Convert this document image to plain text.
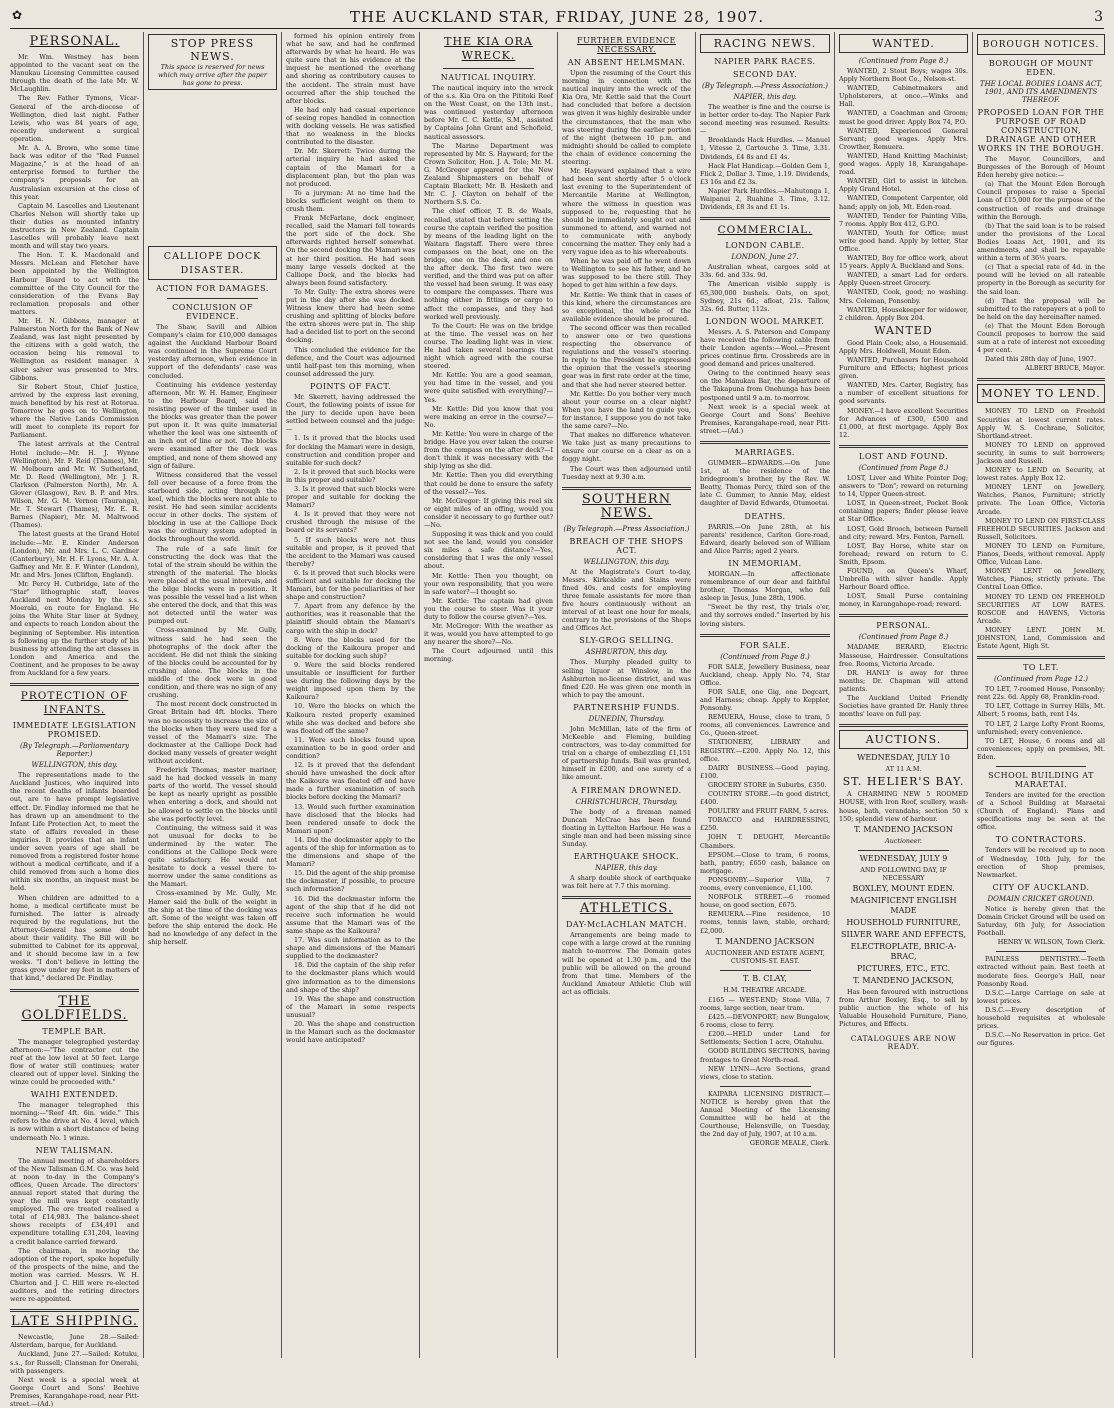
✿	THE AUCKLAND STAR, FRIDAY, JUNE 28, 1907.	3
PERSONAL.

Mr. Wm. Westney has been appointed to the vacant seat on the Manukau Licensing Committee caused through the death of the late Mr. W. McLaughlin.

The Rev. Father Tymons, Vicar-General of the arch-diocese of Wellington, died last night. Father Lewis, who was 84 years of age, recently underwent a surgical operation.

Mr. A. A. Brown, who some time back was editor of the "Red Funnel Magazine," is at the head of an enterprise formed to further the company's proposals for an Australasian excursion at the close of this year.

Captain M. Lascelles and Lieutenant Charles Nelson will shortly take up their duties as mounted infantry instructors in New Zealand. Captain Lascelles will probably leave next month and will stay two years.

The Hon. T. K. Macdonald and Messrs. McLean and Fletcher have been appointed by the Wellington Harbour Board to act with the committee of the City Council for the consideration of the Evans Bay reclamation proposals and other matters.

Mr. H. N. Gibbons, manager at Palmerston North for the Bank of New Zealand, was last night presented by the citizens with a gold watch, the occasion being his removal to Wellington as resident manager. A silver salver was presented to Mrs. Gibbons.

Sir Robert Stout, Chief Justice, arrived by the express last evening, much benefited by his rest at Rotorua. Tomorrow he goes on to Wellington, where the Native Lands Commission will meet to complete its report for Parliament.

The latest arrivals at the Central Hotel include:—Mr. H. J. Wynne (Wellington), Mr. F. Reid (Thames), Mr. W. Melbourn and Mr. W. Sutherland, Mr. D. Reed (Wellington), Mr. J. R. Clarkson (Palmerston North), Mr. A. Glover (Glasgow), Rev. B. P. and Mrs. Wilson, Mr. G. M. Vernon (Tauranga), Mr. T. Stewart (Thames), Mr. E. R. Barnes (Napier), Mr. M. Maltwood (Thames).

The latest guests at the Grand Hotel include:—Mr. E. Kinder Anderson (London), Mr. and Mrs. L. C. Gardner (Canterbury), Mr. H. F. Lyons, Mr. A. A. Gaffney and Mr. E. F. Winter (London), Mr. and Mrs. Jones (Clifton, England).

Mr. Percy H. Cutbridge, late of the "Star" lithographic staff, leaves Auckland next Monday by the s.s. Moeraki, en route for England. He joins the White Star liner at Sydney, and expects to reach London about the beginning of September. His intention is following up the further study of his business by attending the art classes in London and America and the Continent, and he proposes to be away from Auckland for a few years.

PROTECTION OF INFANTS.
IMMEDIATE LEGISLATION PROMISED.
(By Telegraph.—Parliamentary Reporter.)
WELLINGTON, this day.

The representations made to the Auckland Justices, who inquired into the recent deaths of infants boarded out, are to have prompt legislative effect. Dr. Findlay informed me that he has drawn up an amendment to the Infant Life Protection Act, to meet the state of affairs revealed in these inquiries. It provides that an infant under seven years of age shall be removed from a registered foster home without a medical certificate, and if a child removed from such a home dies within six months, an inquest must be held.

When children are admitted to a home, a medical certificate must be furnished. The latter is already required by the regulations, but the Attorney-General has some doubt about their validity. The Bill will be submitted to Cabinet for its approval, and it should become law in a few weeks. "I don't believe in letting the grass grow under my feet in matters of that kind," declared Dr. Findlay.

THE GOLDFIELDS.
TEMPLE BAR.

The manager telegraphed yesterday afternoon:—"The contractor cut the reef at the low level at 50 feet. Large flow of water still continues; water cleared out of upper level. Sinking the winze could be proceeded with."

WAIHI EXTENDED.

The manager telegraphed this morning:—"Reef 4ft. 6in. wide." This refers to the drive at No. 4 level, which is now within a short distance of being underneath No. 1 winze.

NEW TALISMAN.

The annual meeting of shareholders of the New Talisman G.M. Co. was held at noon to-day in the Company's offices, Queen Arcade. The directors' annual report stated that during the year the mill was kept constantly employed. The ore treated realised a total of £14,983. The balance-sheet shows receipts of £34,491 and expenditure totalling £31,204, leaving a credit balance carried forward.

The chairman, in moving the adoption of the report, spoke hopefully of the prospects of the mine, and the motion was carried. Messrs. W. H. Churton and J. C. Hill were re-elected auditors, and the retiring directors were re-appointed.

LATE SHIPPING.

Newcastle, June 28.—Sailed: Alsterdam, barque, for Auckland.

Auckland, June 27.—Sailed: Kotuku, s.s., for Russell; Clansman for Onerahi, with passengers.

Next week is a special week at George Court and Sons' Beehive Premises, Karangahape-road, near Pitt-street.—(Ad.)

STOP PRESS NEWS.
This space is reserved for news which may arrive after the paper has gone to press.
CALLIOPE DOCK DISASTER.
ACTION FOR DAMAGES.
CONCLUSION OF EVIDENCE.

The Shaw, Savill and Albion Company's claim for £10,000 damages against the Auckland Harbour Board was continued in the Supreme Court yesterday afternoon, when evidence in support of the defendants' case was concluded.

Continuing his evidence yesterday afternoon, Mr. W. H. Hamer, Engineer to the Harbour Board, said the resisting power of the timber used in the blocks was greater than the power put upon it. It was quite immaterial whether the keel was one sixteenth of an inch out of line or not. The blocks were examined after the dock was emptied, and none of them showed any sign of failure.

Witness considered that the vessel fell over because of a force from the starboard side, acting through the keel, which the blocks were not able to resist. He had seen similar accidents occur in other docks. The system of blocking in use at the Calliope Dock was the ordinary system adopted in docks throughout the world.

The rule of a safe limit for constructing the dock was that the total of the strain should be within the strength of the material. The blocks were placed at the usual intervals, and the bilge blocks were in position. It was possible the vessel had a list when she entered the dock, and that this was not detected until the water was pumped out.

Cross-examined by Mr. Gully, witness said he had seen the photographs of the dock after the accident. He did not think the sinking of the blocks could be accounted for by crushing alone. The blocks in the middle of the dock were in good condition, and there was no sign of any crushing.

The most recent dock constructed in Great Britain had 4ft. blocks. There was no necessity to increase the size of the blocks when they were used for a vessel of the Mamari's size. The dockmaster at the Calliope Dock had docked many vessels of greater weight without accident.

Frederick Thomas, master mariner, said he had docked vessels in many parts of the world. The vessel should be kept as nearly upright as possible when entering a dock, and should not be allowed to settle on the blocks until she was perfectly level.

Continuing, the witness said it was not unusual for docks to be undermined by the water. The conditions at the Calliope Dock were quite satisfactory. He would not hesitate to dock a vessel there to-morrow under the same conditions as the Mamari.

Cross-examined by Mr. Gully, Mr. Hamer said the bulk of the weight in the ship at the time of the docking was aft. Some of the weight was taken off before the ship entered the dock. He had no knowledge of any defect in the ship herself.

formed his opinion entirely from what he saw, and had he confirmed afterwards by what he heard. He was quite sure that in his evidence at the inquest he mentioned the overhang and shoring as contributory causes to the accident. The strain must have occurred after the ship touched the after blocks.

He had only had casual experience of seeing ropes handled in connection with docking vessels. He was satisfied that no weakness in the blocks contributed to the disaster.

Dr. Mr. Skerrett: Twice during the arterial inquiry he had asked the captain of the Mamari for a displacement plan, but the plan was not produced.

To a juryman: At no time had the blocks sufficient weight on them to crush them.

Frank McFarlane, dock engineer, recalled, said the Mamari fell towards the port side of the dock. She afterwards righted herself somewhat. On the second docking the Mamari was at her third position. He had seen many large vessels docked at the Calliope Dock, and the blocks had always been found satisfactory.

To Mr. Gully: The extra shores were put in the day after she was docked. Witness knew there had been some crushing and splitting of blocks before the extra shores were put in. The ship had a decided list to port on the second docking.

This concluded the evidence for the defence, and the Court was adjourned until half-past ten this morning, when counsel addressed the jury.

POINTS OF FACT.

Mr. Skerrett, having addressed the Court, the following points of issue for the jury to decide upon have been settled between counsel and the judge:—

1. Is it proved that the blocks used for docking the Mamari were in design, construction and condition proper and suitable for such dock?

2. Is it proved that such blocks were in this proper and suitable?

3. Is it proved that such blocks were proper and suitable for docking the Mamari?

4. Is it proved that they were not crushed through the misuse of the board or its servants?

5. If such blocks were not thus suitable and proper, is it proved that the accident to the Mamari was caused thereby?

6. Is it proved that such blocks were sufficient and suitable for docking the Mamari, but for the peculiarities of her shape and construction?

7. Apart from any defence by the authorities, was it reasonable that the plaintiff should obtain the Mamari's cargo with the ship in dock?

8. Were the blocks used for the docking of the Kaikoura proper and suitable for docking such ship?

9. Were the said blocks rendered unsuitable or insufficient for further use during the following days by the weight imposed upon them by the Kaikoura?

10. Were the blocks on which the Kaikoura rested properly examined while she was docked and before she was floated off the same?

11. Were such blocks found upon examination to be in good order and condition?

12. Is it proved that the defendant should have unwashed the dock after the Kaikoura was floated off and have made a further examination of such blocks before docking the Mamari?

13. Would such further examination have disclosed that the blocks had been rendered unsafe to dock the Mamari upon?

14. Did the dockmaster apply to the agents of the ship for information as to the dimensions and shape of the Mamari?

15. Did the agent of the ship promise the dockmaster, if possible, to procure such information?

16. Did the dockmaster inform the agent of the ship that if he did not receive such information he would assume that the Mamari was of the same shape as the Kaikoura?

17. Was such information as to the shape and dimensions of the Mamari supplied to the dockmaster?

18. Did the captain of the ship refer to the dockmaster plans which would give information as to the dimensions and shape of the ship?

19. Was the shape and construction of the Mamari in some respects unusual?

20. Was the shape and construction in the Mamari such as the dockmaster would have anticipated?

THE KIA ORA WRECK.
NAUTICAL INQUIRY.

The nautical inquiry into the wreck of the s.s. Kia Ora on the Pititoki Reef on the West Coast, on the 13th inst., was continued yesterday afternoon before Mr. C. C. Kettle, S.M., assisted by Captains John Grant and Schofield, nautical assessors.

The Marine Department was represented by Mr. S. Hayward; for the Crown Solicitor, Hon. J. A. Tole; Mr. M. G. McGregor appeared for the New Zealand Shipmasters on behalf of Captain Blackett; Mr. B. Hesketh and Mr. C. J. Clayton on behalf of the Northern S.S. Co.

The chief officer, T. B. de Waals, recalled, stated that before setting the course the captain verified the position by means of the leading light on the Waitara flagstaff. There were three compasses on the boat, one on the bridge, one on the deck, and one on the after deck. The first two were verified, and the third was put on after the vessel had been swung. It was easy to compare the compasses. There was nothing either in fittings or cargo to affect the compasses, and they had worked well previously.

To the Court: He was on the bridge at the time. The vessel was on her course. The leading light was in view. He had taken several bearings that night which agreed with the course steered.

Mr. Kettle: You are a good seaman, you had time in the vessel, and you were quite satisfied with everything?—Yes.

Mr. Kettle: Did you know that you were making an error in the course?—No.

Mr. Kettle: You were in charge of the bridge. Have you ever taken the course from the compass on the after deck?—I don't think it was necessary with the ship lying as she did.

Mr. Kettle: Then you did everything that could be done to ensure the safety of the vessel?—Yes.

Mr. McGregor: If giving this reel six or eight miles of an offing, would you consider it necessary to go further out?—No.

Supposing it was thick and you could not see the land, would you consider six miles a safe distance?—Yes, considering that I was the only vessel about.

Mr. Kettle: Then you thought, on your own responsibility, that you were in safe water?—I thought so.

Mr. Kettle: The captain had given you the course to steer. Was it your duty to follow the course given?—Yes.

Mr. McGregor: With the weather as it was, would you have attempted to go any nearer the shore?—No.

The Court adjourned until this morning.

FURTHER EVIDENCE NECESSARY.
AN ABSENT HELMSMAN.

Upon the resuming of the Court this morning in connection with the nautical inquiry into the wreck of the Kia Ora, Mr. Kettle said that the Court had concluded that before a decision was given it was highly desirable under the circumstances, that the man who was steering during the earlier portion of the night (between 10 p.m. and midnight) should be called to complete the chain of evidence concerning the steering.

Mr. Hayward explained that a wire had been sent shortly after 5 o'clock last evening to the Superintendent of Mercantile Marine at Wellington, where the witness in question was supposed to be, requesting that he should be immediately sought out and summoned to attend, and warned not to communicate with anybody concerning the matter. They only had a very vague idea as to his whereabouts.

When he was paid off he went down to Wellington to see his father, and he was supposed to be there still. They hoped to get him within a few days.

Mr. Kettle: We think that in cases of this kind, where the circumstances are so exceptional, the whole of the available evidence should be procured.

The second officer was then recalled to answer one or two questions respecting the observance of regulations and the vessel's steering. In reply to the President he expressed the opinion that the vessel's steering gear was in first rate order at the time, and that she had never steered better.

Mr. Kettle: Do you bother very much about your course on a clear night? When you have the land to guide you, for instance, I suppose you do not take the same care?—No.

That makes no difference whatever. We take just as many precautions to ensure our course on a clear as on a foggy night.

The Court was then adjourned until Tuesday next at 9.30 a.m.

SOUTHERN NEWS.
(By Telegraph.—Press Association.)
BREACH OF THE SHOPS ACT.
WELLINGTON, this day.

At the Magistrate's Court to-day, Messrs. Kirkcaldie and Stains were fined 40s. and costs for employing three female assistants for more than five hours continuously without an interval of at least one hour for meals, contrary to the provisions of the Shops and Offices Act.

SLY-GROG SELLING.
ASHBURTON, this day.

Thos. Murphy pleaded guilty to selling liquor at Winslow, in the Ashburton no-license district, and was fined £20. He was given one month in which to pay the amount.

PARTNERSHIP FUNDS.
DUNEDIN, Thursday.

John McMillan, late of the firm of McKeeble and Fleming, building contractors, was to-day committed for trial on a charge of embezzling £1,151 of partnership funds. Bail was granted, himself in £200, and one surety of a like amount.

A FIREMAN DROWNED.
CHRISTCHURCH, Thursday.

The body of a fireman named Duncan McCrae has been found floating in Lyttelton Harbour. He was a single man and had been missing since Sunday.

EARTHQUAKE SHOCK.
NAPIER, this day.

A sharp double shock of earthquake was felt here at 7.7 this morning.

ATHLETICS.
DAY-McLACHLAN MATCH.

Arrangements are being made to cope with a large crowd at the running match to-morrow. The Domain gates will be opened at 1.30 p.m., and the public will be allowed on the ground from that time. Members of the Auckland Amateur Athletic Club will act as officials.

RACING NEWS.
NAPIER PARK RACES.
SECOND DAY.
(By Telegraph.—Press Association.)
NAPIER, this day.

The weather is fine and the course is in better order to-day. The Napier Park second meeting was resumed. Results:—

Brooklands Hack Hurdles. — Manuel 1, Vitesse 2, Cartouche 3. Time, 3.31. Dividends, £4 8s and £1 4s.

Hack Flat Handicap.—Golden Gem 1, Flick 2, Dollar 3. Time, 1.19. Dividends, £3 16s and £2 3s.

Napier Park Hurdles.—Mahutonga 1, Waipanui 2, Ruahine 3. Time, 3.12. Dividends, £8 3s and £1 1s.

COMMERCIAL.
LONDON CABLE.
LONDON, June 27.

Australian wheat, cargoes sold at 33s. 6d. and 33s. 9d.

The American visible supply is 65,300,000 bushels. Oats, on spot, Sydney, 21s 6d.; afloat, 21s. Tallow, 32s. 6d. Butter, 112s.

LONDON WOOL MARKET.

Messrs. A. S. Paterson and Company have received the following cable from their London agents:—Wool.—Present prices continue firm. Crossbreds are in good demand and prices unaltered.

Owing to the continued heavy seas on the Manukau Bar, the departure of the Takapuna from Onehunga has been postponed until 9 a.m. to-morrow.

Next week is a special week at George Court and Sons' Beehive Premises, Karangahape-road, near Pitt-street.—(Ad.)

MARRIAGES.

GUMMER—EDWARDS.—On June 1st, at the residence of the bridegroom's brother, by the Rev. W. Beatty, Thomas Percy, third son of the late C. Gummer, to Annie May, eldest daughter of David Edwards, Otumoetai.

DEATHS.

PARRIS.—On June 28th, at his parents' residence, Carlton Gore-road, Edward, dearly beloved son of William and Alice Parris; aged 2 years.

IN MEMORIAM.

MORGAN.—In affectionate remembrance of our dear and faithful brother, Thomas Morgan, who fell asleep in Jesus, June 28th, 1906.

"Sweet be thy rest, thy trials o'er, and thy sorrows ended." Inserted by his loving sisters.

FOR SALE.
(Continued from Page 8.)

FOR SALE, Jewellery Business, near Auckland, cheap. Apply No. 74, Star Office.

FOR SALE, one Gig, one Dogcart, and Harness; cheap. Apply to Keppler, Ponsonby.

REMUERA, House, close to tram, 5 rooms, all conveniences. Lawrence and Co., Queen-street.

STATIONERY, LIBRARY and REGISTRY.—£200. Apply No. 12, this office.

DAIRY BUSINESS.—Good paying, £100.

GROCERY STORE in Suburbs, £350.

COUNTRY STORE.—In good district, £400.

POULTRY and FRUIT FARM, 5 acres.

TOBACCO and HAIRDRESSING, £250.

JOHN T. DEUGHT, Mercantile Chambers.

EPSOM.—Close to tram, 6 rooms, bath, pantry; £650 cash, balance on mortgage.

PONSONBY.—Superior Villa, 7 rooms, every convenience, £1,100.

NORFOLK STREET.—6 roomed house, on good section, £675.

REMUERA.—Fine residence, 10 rooms, tennis lawn, stable, orchard; £2,000.

T. MANDENO JACKSON
AUCTIONEER AND ESTATE AGENT, CUSTOMS-ST. EAST.
T. B. CLAY,
H.M. THEATRE ARCADE.

£165 — WEST-END; Stone Villa, 7 rooms, large section, near tram.

£425.—DEVONPORT; new Bungalow, 6 rooms, close to ferry.

£200.—HELD under Land for Settlements; Section 1 acre, Otahuhu.

GOOD BUILDING SECTIONS, having frontages to Great North-road.

NEW LYNN—Acre Sections, grand views, close to station.

KAIPARA LICENSING DISTRICT.—NOTICE is hereby given that the Annual Meeting of the Licensing Committee will be held at the Courthouse, Helensville, on Tuesday, the 2nd day of July, 1907, at 10 a.m.

GEORGE MEALE, Clerk.

WANTED.
(Continued from Page 8.)

WANTED, 2 Stout Boys; wages 30s. Apply Northern Boot Co., Nelson-st.

WANTED, Cabinetmakers and Upholsterers, at once.—Winks and Hall.

WANTED, a Coachman and Groom; must be good driver. Apply Box 74, P.O.

WANTED, Experienced General Servant; good wages. Apply Mrs. Crowther, Remuera.

WANTED, Hand Knitting Machinist; good wages. Apply 18, Karangahape-road.

WANTED, Girl to assist in kitchen. Apply Grand Hotel.

WANTED, Competent Carpenter, old hand; apply on job, Mt. Eden-road.

WANTED, Tender for Painting Villa, 7 rooms. Apply Box 412, G.P.O.

WANTED, Youth for Office; must write good hand. Apply by letter, Star Office.

WANTED, Boy for office work, about 15 years. Apply A. Buckland and Sons.

WANTED, a smart Lad for orders. Apply Queen-street Grocery.

WANTED, Cook, good; no washing. Mrs. Coleman, Ponsonby.

WANTED, Housekeeper for widower, 2 children. Apply Box 204.

WANTED

Good Plain Cook; also, a Housemaid. Apply Mrs. Holdwell, Mount Eden.

WANTED, Purchasers for Household Furniture and Effects; highest prices given.

WANTED, Mrs. Carter, Registry, has a number of excellent situations for good servants.

MONEY.—I have excellent Securities for Advances of £300, £500 and £1,000, at first mortgage. Apply Box 12.

LOST AND FOUND.
(Continued from Page 8.)

LOST, Liver and White Pointer Dog; answers to "Don"; reward on returning to 14, Upper Queen-street.

LOST, in Queen-street, Pocket Book containing papers; finder please leave at Star Office.

LOST, Gold Brooch, between Parnell and city; reward. Mrs. Fenton, Parnell.

LOST, Bay Horse, white star on forehead; reward on return to C. Smith, Epsom.

FOUND, on Queen's Wharf, Umbrella with silver handle. Apply Harbour Board office.

LOST, Small Purse containing money, in Karangahape-road; reward.

PERSONAL.
(Continued from Page 8.)

MADAME BERARD, Electric Masseuse, Hairdresser. Consultations free. Rooms, Victoria Arcade.

DR. HANLY is away for three months; Dr. Chapman will attend patients.

The Auckland United Friendly Societies have granted Dr. Hanly three months' leave on full pay.

AUCTIONS.
WEDNESDAY, JULY 10
AT 11 A.M.
ST. HELIER'S BAY.

A CHARMING NEW 5 ROOMED HOUSE, with Iron Roof, scullery, wash-house, bath, verandahs; section 50 x 150; splendid view of harbour.

T. MANDENO JACKSON
Auctioneer.
WEDNESDAY, JULY 9
AND FOLLOWING DAY, IF NECESSARY
BOXLEY, MOUNT EDEN.
MAGNIFICENT ENGLISH MADE
HOUSEHOLD FURNITURE,
SILVER WARE AND EFFECTS,
ELECTROPLATE, BRIC-A-BRAC,
PICTURES, ETC., ETC.
T. MANDENO JACKSON,

Has been favoured with instructions from Arthur Boxley, Esq., to sell by public auction the whole of his Valuable Household Furniture, Piano, Pictures, and Effects.

CATALOGUES ARE NOW READY.
BOROUGH NOTICES.
BOROUGH OF MOUNT EDEN.
THE LOCAL BODIES LOANS ACT, 1901, AND ITS AMENDMENTS THEREOF.
PROPOSED LOAN FOR THE PURPOSE OF ROAD CONSTRUCTION, DRAINAGE AND OTHER WORKS IN THE BOROUGH.

The Mayor, Councillors, and Burgesses of the Borough of Mount Eden hereby give notice:—

(a) That the Mount Eden Borough Council proposes to raise a Special Loan of £15,000 for the purpose of the construction of roads and drainage within the Borough.

(b) That the said loan is to be raised under the provisions of the Local Bodies Loans Act, 1901, and its amendments, and shall be repayable within a term of 36½ years.

(c) That a special rate of 4d. in the pound will be levied on all rateable property in the Borough as security for the said loan.

(d) That the proposal will be submitted to the ratepayers at a poll to be held on the day hereinafter named.

(e) That the Mount Eden Borough Council proposes to borrow the said sum at a rate of interest not exceeding 4 per cent.

Dated this 28th day of June, 1907.

ALBERT BRUCE, Mayor.

MONEY TO LEND.

MONEY TO LEND on Freehold Securities at lowest current rates. Apply W. S. Cochrane, Solicitor, Shortland-street.

MONEY TO LEND on approved security, in sums to suit borrowers; Jackson and Russell.

MONEY to LEND on Security, at lowest rates. Apply Box 12.

MONEY LENT on Jewellery, Watches, Pianos, Furniture; strictly private. The Loan Office, Victoria Arcade.

MONEY TO LEND ON FIRST-CLASS FREEHOLD SECURITIES. Jackson and Russell, Solicitors.

MONEY TO LEND on Furniture, Pianos, Deeds, without removal. Apply Office, Vulcan Lane.

MONEY LENT on Jewellery, Watches, Pianos; strictly private. The Central Loan Office.

MONEY TO LEND ON FREEHOLD SECURITIES AT LOW RATES. ROSCOE and HAVENS, Victoria Arcade.

MONEY LENT. JOHN M. JOHNSTON, Land, Commission and Estate Agent, High St.

TO LET.
(Continued from Page 12.)

TO LET, 7-roomed House, Ponsonby; rent 22s. 6d. Apply 68, Franklin-road.

TO LET, Cottage in Surrey Hills, Mt. Albert; 5 rooms, bath, rent 14s.

TO LET, 2 Large Lofty Front Rooms, unfurnished; every convenience.

TO LET, House, 6 rooms and all conveniences; apply on premises, Mt. Eden.

SCHOOL BUILDING AT MARAETAI.

Tenders are invited for the erection of a School Building at Maraetai (Church of England). Plans and specifications may be seen at the office.

TO CONTRACTORS.

Tenders will be received up to noon of Wednesday, 10th July, for the erection of Shop premises, Newmarket.

CITY OF AUCKLAND.
DOMAIN CRICKET GROUND.

Notice is hereby given that the Domain Cricket Ground will be used on Saturday, 6th July, for Association Football.

HENRY W. WILSON, Town Clerk.

PAINLESS DENTISTRY.—Teeth extracted without pain. Best teeth at moderate fees. George's Hall, near Ponsonby Road.

D.S.C.—Large Carriage on sale at lowest prices.

D.S.C.—Every description of household requisites at wholesale prices.

D.S.C.—No Reservation in price. Get our figures.
